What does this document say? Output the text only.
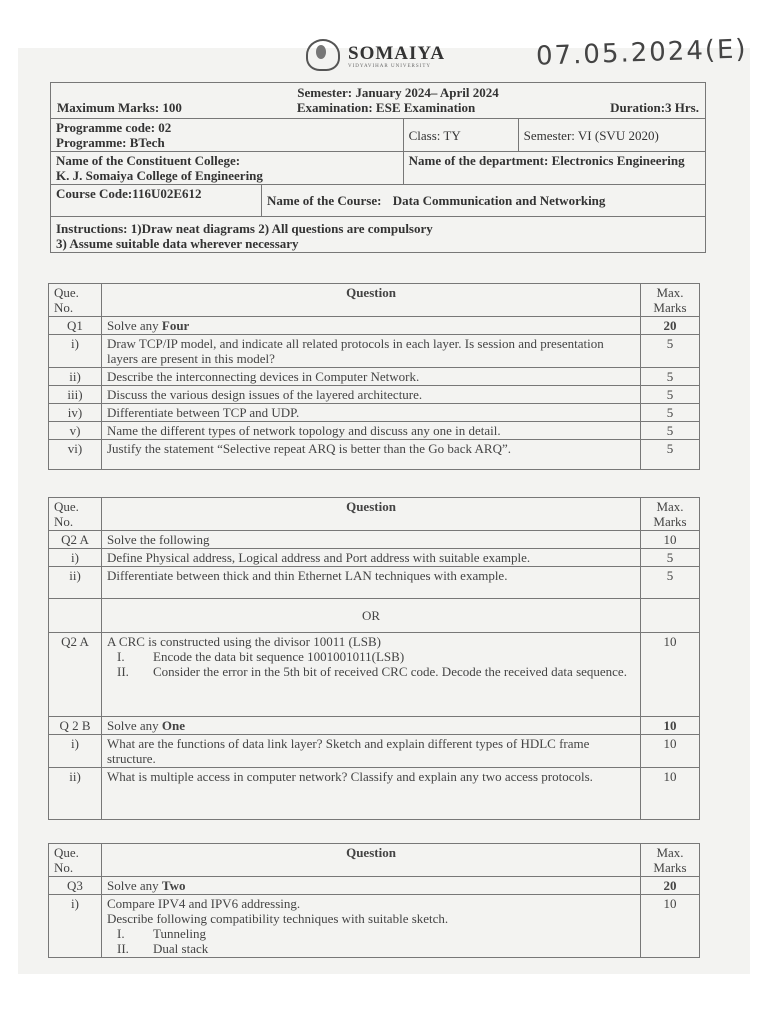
SOMAIYA
VIDYAVIHAR UNIVERSITY	07.05.2024(E)
Semester: January 2024– April 2024
Maximum Marks: 100 Examination: ESE Examination Duration:3 Hrs.			

Programme code: 02
Programme: BTech		Class: TY	Semester: VI (SVU 2020)

Name of the Constituent College:
K. J. Somaiya College of Engineering		Name of the department: Electronics Engineering	
Course Code:116U02E612	Name of the Course: Data Communication and Networking		

Instructions: 1)Draw neat diagrams 2) All questions are compulsory
3) Assume suitable data wherever necessary			
Que. No.	Question	Max. Marks
Q1	Solve any Four	20
i)	Draw TCP/IP model, and indicate all related protocols in each layer. Is session and presentation layers are present in this model?	5
ii)	Describe the interconnecting devices in Computer Network.	5
iii)	Discuss the various design issues of the layered architecture.	5
iv)	Differentiate between TCP and UDP.	5
v)	Name the different types of network topology and discuss any one in detail.	5
vi)	Justify the statement “Selective repeat ARQ is better than the Go back ARQ”.	5
Que. No.	Question	Max. Marks
Q2 A	Solve the following	10
i)	Define Physical address, Logical address and Port address with suitable example.	5
ii)	Differentiate between thick and thin Ethernet LAN techniques with example.	5
	OR	
Q2 A	A CRC is constructed using the divisor 10011 (LSB)
I. Encode the data bit sequence 1001001011(LSB)
II. Consider the error in the 5th bit of received CRC code. Decode the received data sequence.	10
Q 2 B	Solve any One	10
i)	What are the functions of data link layer? Sketch and explain different types of HDLC frame structure.	10
ii)	What is multiple access in computer network? Classify and explain any two access protocols.	10
Que. No.	Question	Max. Marks
Q3	Solve any Two	20
i)	Compare IPV4 and IPV6 addressing.
Describe following compatibility techniques with suitable sketch.
I. Tunneling
II. Dual stack	10
